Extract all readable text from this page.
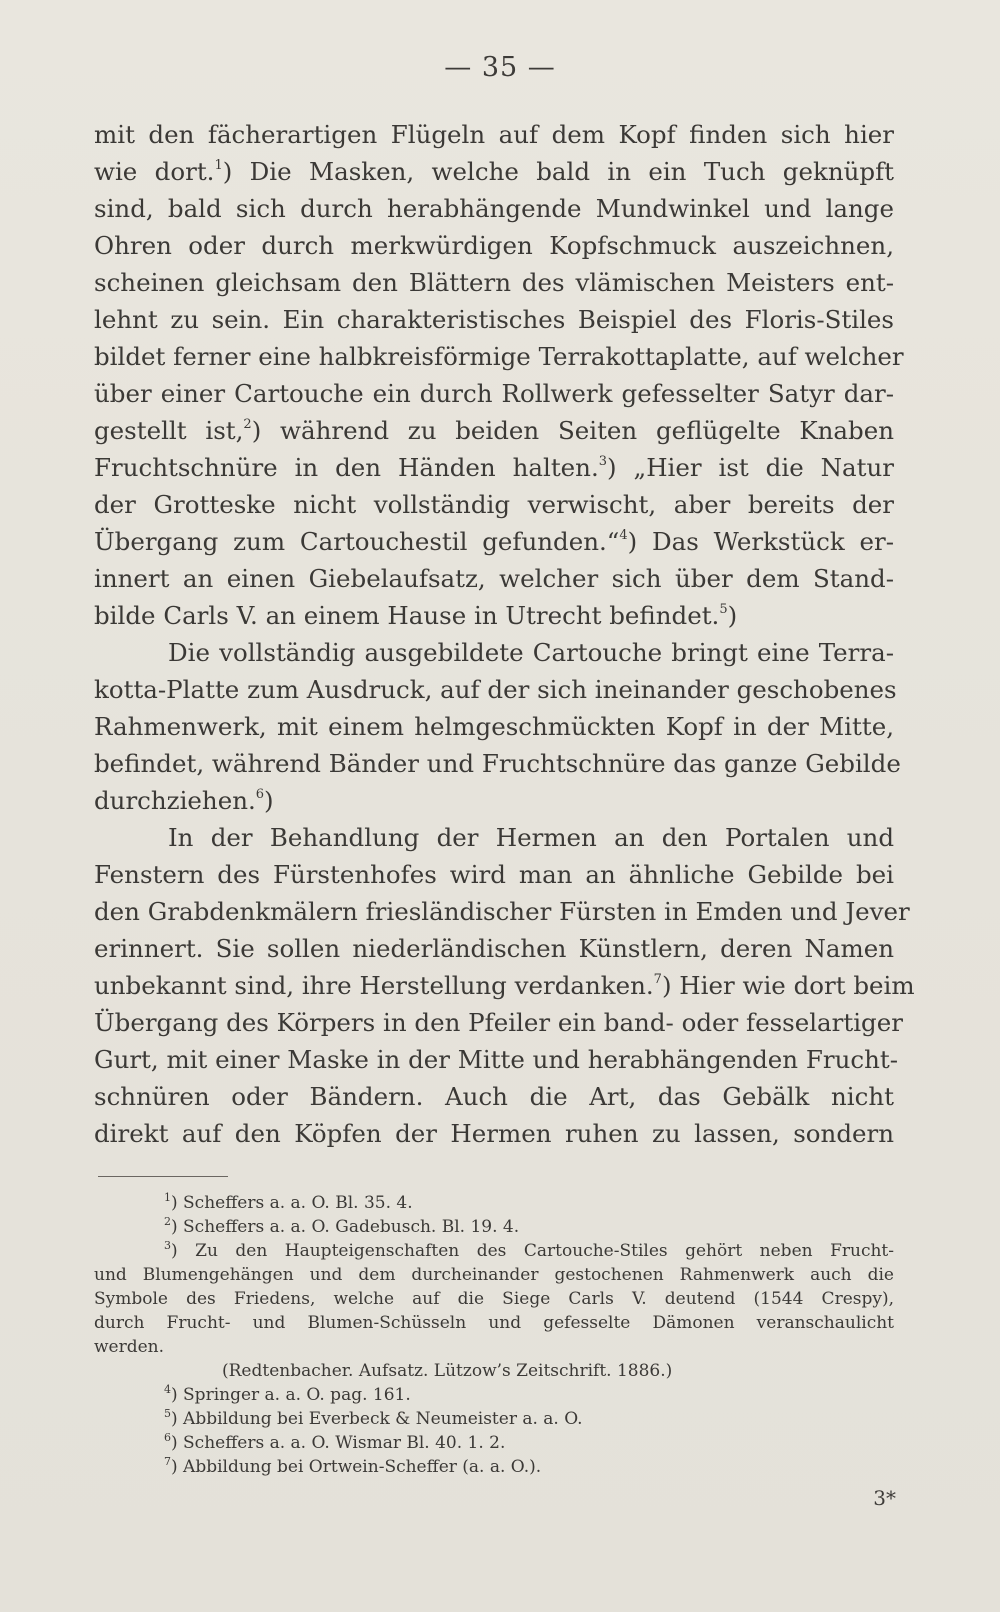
— 35 —
mit den fächerartigen Flügeln auf dem Kopf finden sich hier
wie dort.$^1$) Die Masken, welche bald in ein Tuch geknüpft
sind, bald sich durch herabhängende Mundwinkel und lange
Ohren oder durch merkwürdigen Kopfschmuck auszeichnen,
scheinen gleichsam den Blättern des vlämischen Meisters ent-
lehnt zu sein. Ein charakteristisches Beispiel des Floris-Stiles
bildet ferner eine halbkreisförmige Terrakottaplatte, auf welcher
über einer Cartouche ein durch Rollwerk gefesselter Satyr dar-
gestellt ist,$^2$) während zu beiden Seiten geflügelte Knaben
Fruchtschnüre in den Händen halten.$^3$) „Hier ist die Natur
der Grotteske nicht vollständig verwischt, aber bereits der
Übergang zum Cartouchestil gefunden.“$^4$) Das Werkstück er-
innert an einen Giebelaufsatz, welcher sich über dem Stand-
bilde Carls V. an einem Hause in Utrecht befindet.$^5$)
Die vollständig ausgebildete Cartouche bringt eine Terra-
kotta-Platte zum Ausdruck, auf der sich ineinander geschobenes
Rahmenwerk, mit einem helmgeschmückten Kopf in der Mitte,
befindet, während Bänder und Fruchtschnüre das ganze Gebilde
durchziehen.$^6$)
In der Behandlung der Hermen an den Portalen und
Fenstern des Fürstenhofes wird man an ähnliche Gebilde bei
den Grabdenkmälern friesländischer Fürsten in Emden und Jever
erinnert. Sie sollen niederländischen Künstlern, deren Namen
unbekannt sind, ihre Herstellung verdanken.$^7$) Hier wie dort beim
Übergang des Körpers in den Pfeiler ein band- oder fesselartiger
Gurt, mit einer Maske in der Mitte und herabhängenden Frucht-
schnüren oder Bändern. Auch die Art, das Gebälk nicht
direkt auf den Köpfen der Hermen ruhen zu lassen, sondern
$^1$) Scheffers a. a. O. Bl. 35. 4.
$^2$) Scheffers a. a. O. Gadebusch. Bl. 19. 4.
$^3$) Zu den Haupteigenschaften des Cartouche-Stiles gehört neben Frucht-
und Blumengehängen und dem durcheinander gestochenen Rahmenwerk auch die
Symbole des Friedens, welche auf die Siege Carls V. deutend (1544 Crespy),
durch Frucht- und Blumen-Schüsseln und gefesselte Dämonen veranschaulicht
werden.
(Redtenbacher. Aufsatz. Lützow’s Zeitschrift. 1886.)
$^4$) Springer a. a. O. pag. 161.
$^5$) Abbildung bei Everbeck & Neumeister a. a. O.
$^6$) Scheffers a. a. O. Wismar Bl. 40. 1. 2.
$^7$) Abbildung bei Ortwein-Scheffer (a. a. O.).
3*
